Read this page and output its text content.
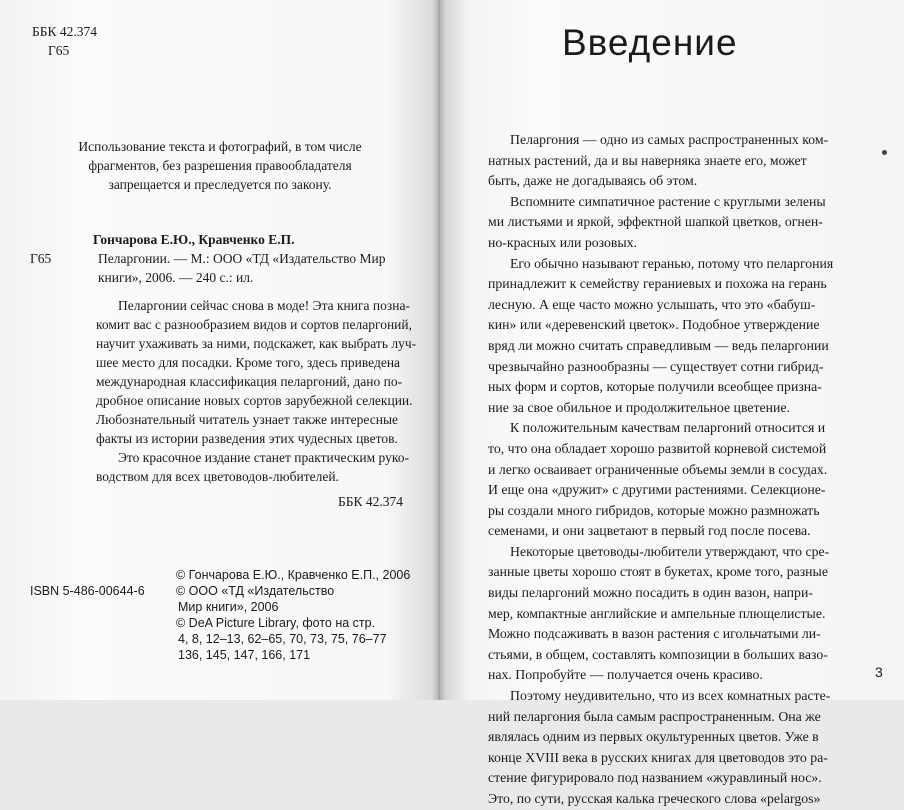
ББК 42.374
Г65
Использование текста и фотографий, в том числе
фрагментов, без разрешения правообладателя
запрещается и преследуется по закону.
Гончарова Е.Ю., Кравченко Е.П.
Г65	Пеларгонии. — М.: ООО «ТД «Издательство Мир
книги», 2006. — 240 с.: ил.
Пеларгонии сейчас снова в моде! Эта книга позна-
комит вас с разнообразием видов и сортов пеларгоний,
научит ухаживать за ними, подскажет, как выбрать луч-
шее место для посадки. Кроме того, здесь приведена
международная классификация пеларгоний, дано по-
дробное описание новых сортов зарубежной селекции.
Любознательный читатель узнает также интересные
факты из истории разведения этих чудесных цветов.
Это красочное издание станет практическим руко-
водством для всех цветоводов-любителей.
ББК 42.374
ISBN 5-486-00644-6
© Гончарова Е.Ю., Кравченко Е.П., 2006
© ООО «ТД «Издательство
Мир книги», 2006
© DeA Picture Library, фото на стр.
4, 8, 12–13, 62–65, 70, 73, 75, 76–77
136, 145, 147, 166, 171
Введение
Пеларгония — одно из самых распространенных ком-
натных растений, да и вы наверняка знаете его, может
быть, даже не догадываясь об этом.
Вспомните симпатичное растение с круглыми зелены
ми листьями и яркой, эффектной шапкой цветков, огнен-
но-красных или розовых.
Его обычно называют геранью, потому что пеларгония
принадлежит к семейству гераниевых и похожа на герань
лесную. А еще часто можно услышать, что это «бабуш-
кин» или «деревенский цветок». Подобное утверждение
вряд ли можно считать справедливым — ведь пеларгонии
чрезвычайно разнообразны — существует сотни гибрид-
ных форм и сортов, которые получили всеобщее призна-
ние за свое обильное и продолжительное цветение.
К положительным качествам пеларгоний относится и
то, что она обладает хорошо развитой корневой системой
и легко осваивает ограниченные объемы земли в сосудах.
И еще она «дружит» с другими растениями. Селекционе-
ры создали много гибридов, которые можно размножать
семенами, и они зацветают в первый год после посева.
Некоторые цветоводы-любители утверждают, что сре-
занные цветы хорошо стоят в букетах, кроме того, разные
виды пеларгоний можно посадить в один вазон, напри-
мер, компактные английские и ампельные плющелистые.
Можно подсаживать в вазон растения с игольчатыми ли-
стьями, в общем, составлять композиции в больших вазо-
нах. Попробуйте — получается очень красиво.
Поэтому неудивительно, что из всех комнатных расте-
ний пеларгония была самым распространенным. Она же
являлась одним из первых окультуренных цветов. Уже в
конце XVIII века в русских книгах для цветоводов это ра-
стение фигурировало под названием «журавлиный нос».
Это, по сути, русская калька греческого слова «pelargos»
3
